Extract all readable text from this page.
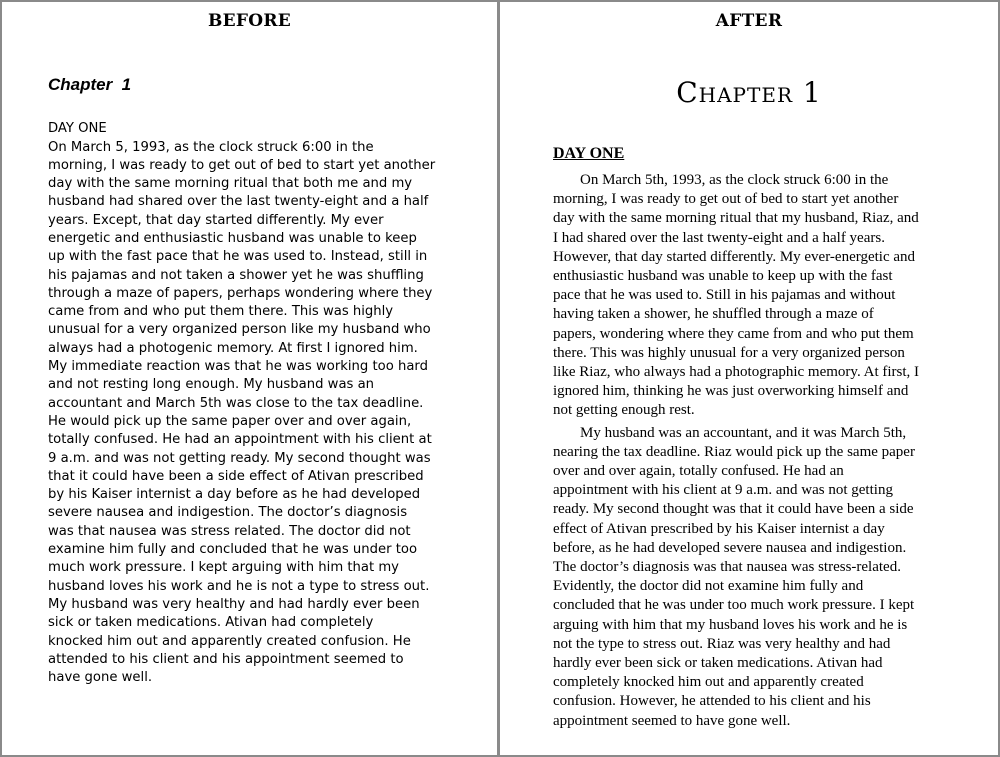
BEFORE
Chapter  1
DAY ONE
On March 5, 1993, as the clock struck 6:00 in the
morning, I was ready to get out of bed to start yet another
day with the same morning ritual that both me and my
husband had shared over the last twenty-eight and a half
years. Except, that day started differently. My ever
energetic and enthusiastic husband was unable to keep
up with the fast pace that he was used to. Instead, still in
his pajamas and not taken a shower yet he was shuffling
through a maze of papers, perhaps wondering where they
came from and who put them there. This was highly
unusual for a very organized person like my husband who
always had a photogenic memory. At first I ignored him.
My immediate reaction was that he was working too hard
and not resting long enough. My husband was an
accountant and March 5th was close to the tax deadline.
He would pick up the same paper over and over again,
totally confused. He had an appointment with his client at
9 a.m. and was not getting ready. My second thought was
that it could have been a side effect of Ativan prescribed
by his Kaiser internist a day before as he had developed
severe nausea and indigestion. The doctor’s diagnosis
was that nausea was stress related. The doctor did not
examine him fully and concluded that he was under too
much work pressure. I kept arguing with him that my
husband loves his work and he is not a type to stress out.
My husband was very healthy and had hardly ever been
sick or taken medications. Ativan had completely
knocked him out and apparently created confusion. He
attended to his client and his appointment seemed to
have gone well.
AFTER
Chapter 1
DAY ONE
On March 5th, 1993, as the clock struck 6:00 in the
morning, I was ready to get out of bed to start yet another
day with the same morning ritual that my husband, Riaz, and
I had shared over the last twenty-eight and a half years.
However, that day started differently. My ever-energetic and
enthusiastic husband was unable to keep up with the fast
pace that he was used to. Still in his pajamas and without
having taken a shower, he shuffled through a maze of
papers, wondering where they came from and who put them
there. This was highly unusual for a very organized person
like Riaz, who always had a photographic memory. At first, I
ignored him, thinking he was just overworking himself and
not getting enough rest.
My husband was an accountant, and it was March 5th,
nearing the tax deadline. Riaz would pick up the same paper
over and over again, totally confused. He had an
appointment with his client at 9 a.m. and was not getting
ready. My second thought was that it could have been a side
effect of Ativan prescribed by his Kaiser internist a day
before, as he had developed severe nausea and indigestion.
The doctor’s diagnosis was that nausea was stress-related.
Evidently, the doctor did not examine him fully and
concluded that he was under too much work pressure. I kept
arguing with him that my husband loves his work and he is
not the type to stress out. Riaz was very healthy and had
hardly ever been sick or taken medications. Ativan had
completely knocked him out and apparently created
confusion. However, he attended to his client and his
appointment seemed to have gone well.
